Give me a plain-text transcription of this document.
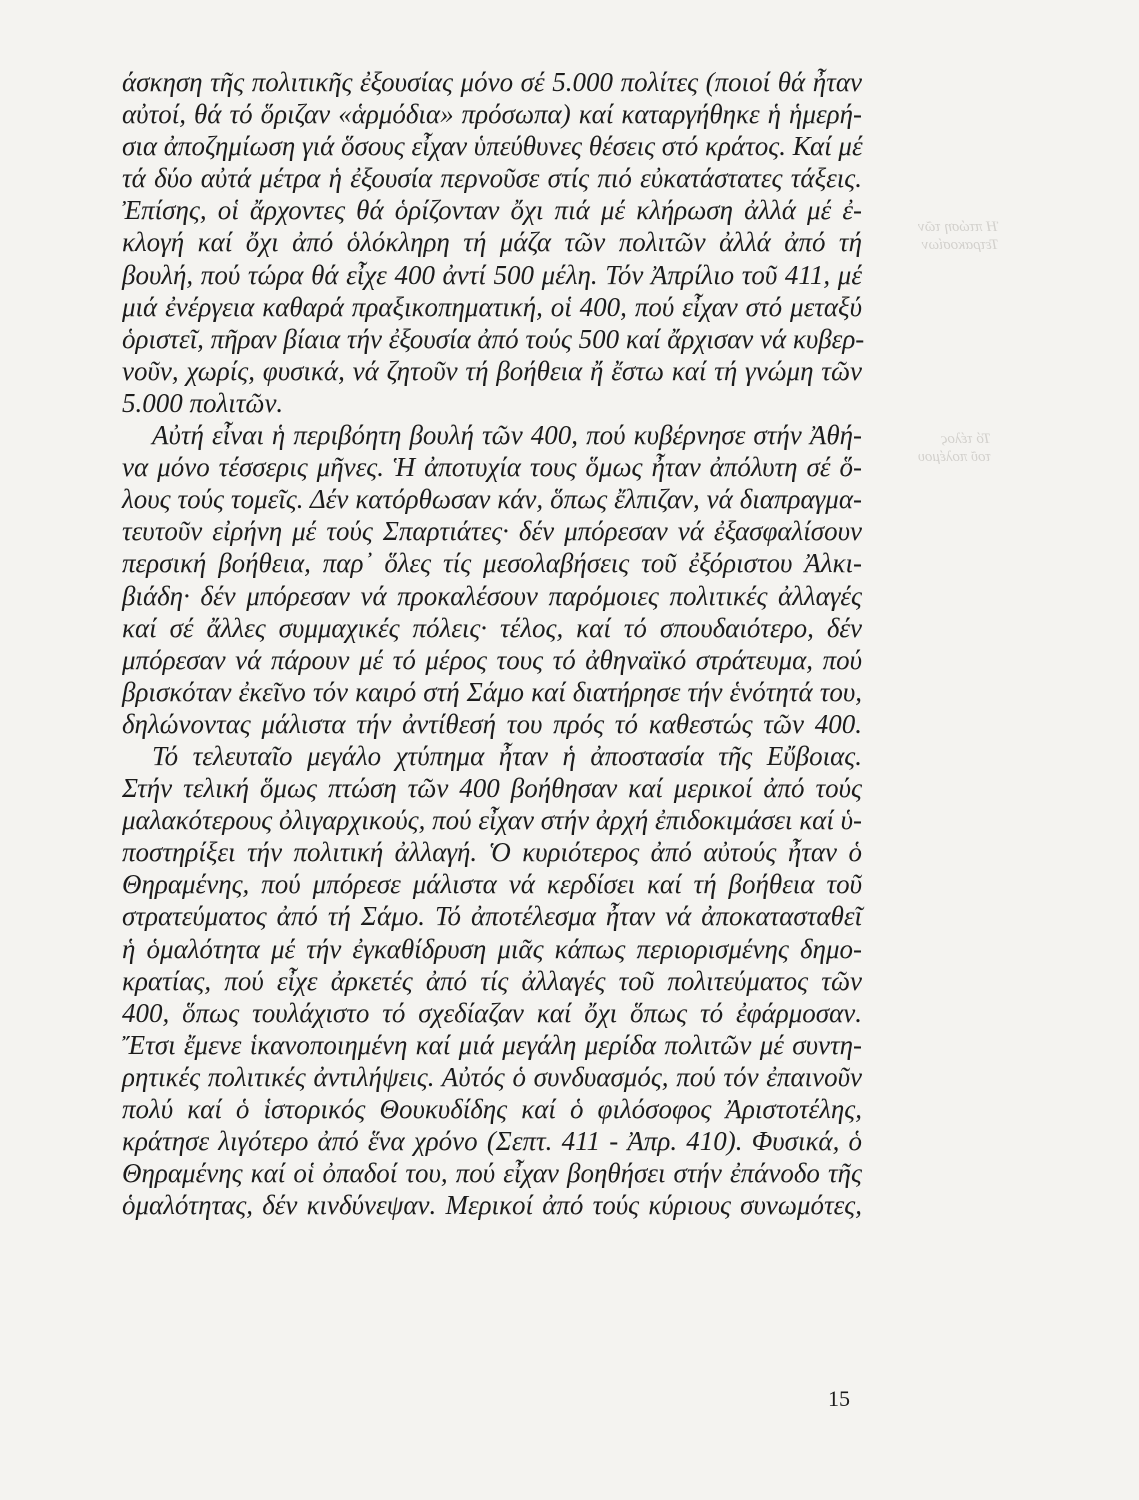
άσκηση τῆς πολιτικῆς ἐξουσίας μόνο σέ 5.000 πολίτες (ποιοί θά ἦταν
αὐτοί, θά τό ὅριζαν «ἁρμόδια» πρόσωπα) καί καταργήθηκε ἡ ἡμερή-
σια ἀποζημίωση γιά ὅσους εἶχαν ὑπεύθυνες θέσεις στό κράτος. Καί μέ
τά δύο αὐτά μέτρα ἡ ἐξουσία περνοῦσε στίς πιό εὐκατάστατες τάξεις.
Ἐπίσης, οἱ ἄρχοντες θά ὁρίζονταν ὄχι πιά μέ κλήρωση ἀλλά μέ ἐ-
κλογή καί ὄχι ἀπό ὁλόκληρη τή μάζα τῶν πολιτῶν ἀλλά ἀπό τή
βουλή, πού τώρα θά εἶχε 400 ἀντί 500 μέλη. Τόν Ἀπρίλιο τοῦ 411, μέ
μιά ἐνέργεια καθαρά πραξικοπηματική, οἱ 400, πού εἶχαν στό μεταξύ
ὁριστεῖ, πῆραν βίαια τήν ἐξουσία ἀπό τούς 500 καί ἄρχισαν νά κυβερ-
νοῦν, χωρίς, φυσικά, νά ζητοῦν τή βοήθεια ἤ ἔστω καί τή γνώμη τῶν
5.000 πολιτῶν.
Αὐτή εἶναι ἡ περιβόητη βουλή τῶν 400, πού κυβέρνησε στήν Ἀθή-
να μόνο τέσσερις μῆνες. Ἡ ἀποτυχία τους ὅμως ἦταν ἀπόλυτη σέ ὅ-
λους τούς τομεῖς. Δέν κατόρθωσαν κάν, ὅπως ἔλπιζαν, νά διαπραγμα-
τευτοῦν εἰρήνη μέ τούς Σπαρτιάτες· δέν μπόρεσαν νά ἐξασφαλίσουν
περσική βοήθεια, παρ᾽ ὅλες τίς μεσολαβήσεις τοῦ ἐξόριστου Ἀλκι-
βιάδη· δέν μπόρεσαν νά προκαλέσουν παρόμοιες πολιτικές ἀλλαγές
καί σέ ἄλλες συμμαχικές πόλεις· τέλος, καί τό σπουδαιότερο, δέν
μπόρεσαν νά πάρουν μέ τό μέρος τους τό ἀθηναϊκό στράτευμα, πού
βρισκόταν ἐκεῖνο τόν καιρό στή Σάμο καί διατήρησε τήν ἑνότητά του,
δηλώνοντας μάλιστα τήν ἀντίθεσή του πρός τό καθεστώς τῶν 400.
Τό τελευταῖο μεγάλο χτύπημα ἦταν ἡ ἀποστασία τῆς Εὔβοιας.
Στήν τελική ὅμως πτώση τῶν 400 βοήθησαν καί μερικοί ἀπό τούς
μαλακότερους ὀλιγαρχικούς, πού εἶχαν στήν ἀρχή ἐπιδοκιμάσει καί ὑ-
ποστηρίξει τήν πολιτική ἀλλαγή. Ὁ κυριότερος ἀπό αὐτούς ἦταν ὁ
Θηραμένης, πού μπόρεσε μάλιστα νά κερδίσει καί τή βοήθεια τοῦ
στρατεύματος ἀπό τή Σάμο. Τό ἀποτέλεσμα ἦταν νά ἀποκατασταθεῖ
ἡ ὁμαλότητα μέ τήν ἐγκαθίδρυση μιᾶς κάπως περιορισμένης δημο-
κρατίας, πού εἶχε ἀρκετές ἀπό τίς ἀλλαγές τοῦ πολιτεύματος τῶν
400, ὅπως τουλάχιστο τό σχεδίαζαν καί ὄχι ὅπως τό ἐφάρμοσαν.
Ἔτσι ἔμενε ἱκανοποιημένη καί μιά μεγάλη μερίδα πολιτῶν μέ συντη-
ρητικές πολιτικές ἀντιλήψεις. Αὐτός ὁ συνδυασμός, πού τόν ἐπαινοῦν
πολύ καί ὁ ἱστορικός Θουκυδίδης καί ὁ φιλόσοφος Ἀριστοτέλης,
κράτησε λιγότερο ἀπό ἕνα χρόνο (Σεπτ. 411 - Ἀπρ. 410). Φυσικά, ὁ
Θηραμένης καί οἱ ὀπαδοί του, πού εἶχαν βοηθήσει στήν ἐπάνοδο τῆς
ὁμαλότητας, δέν κινδύνεψαν. Μερικοί ἀπό τούς κύριους συνωμότες,
Ἡ πτώση τῶν
Τετρακοσίων
Τό τέλος
τοῦ πολέμου
15
